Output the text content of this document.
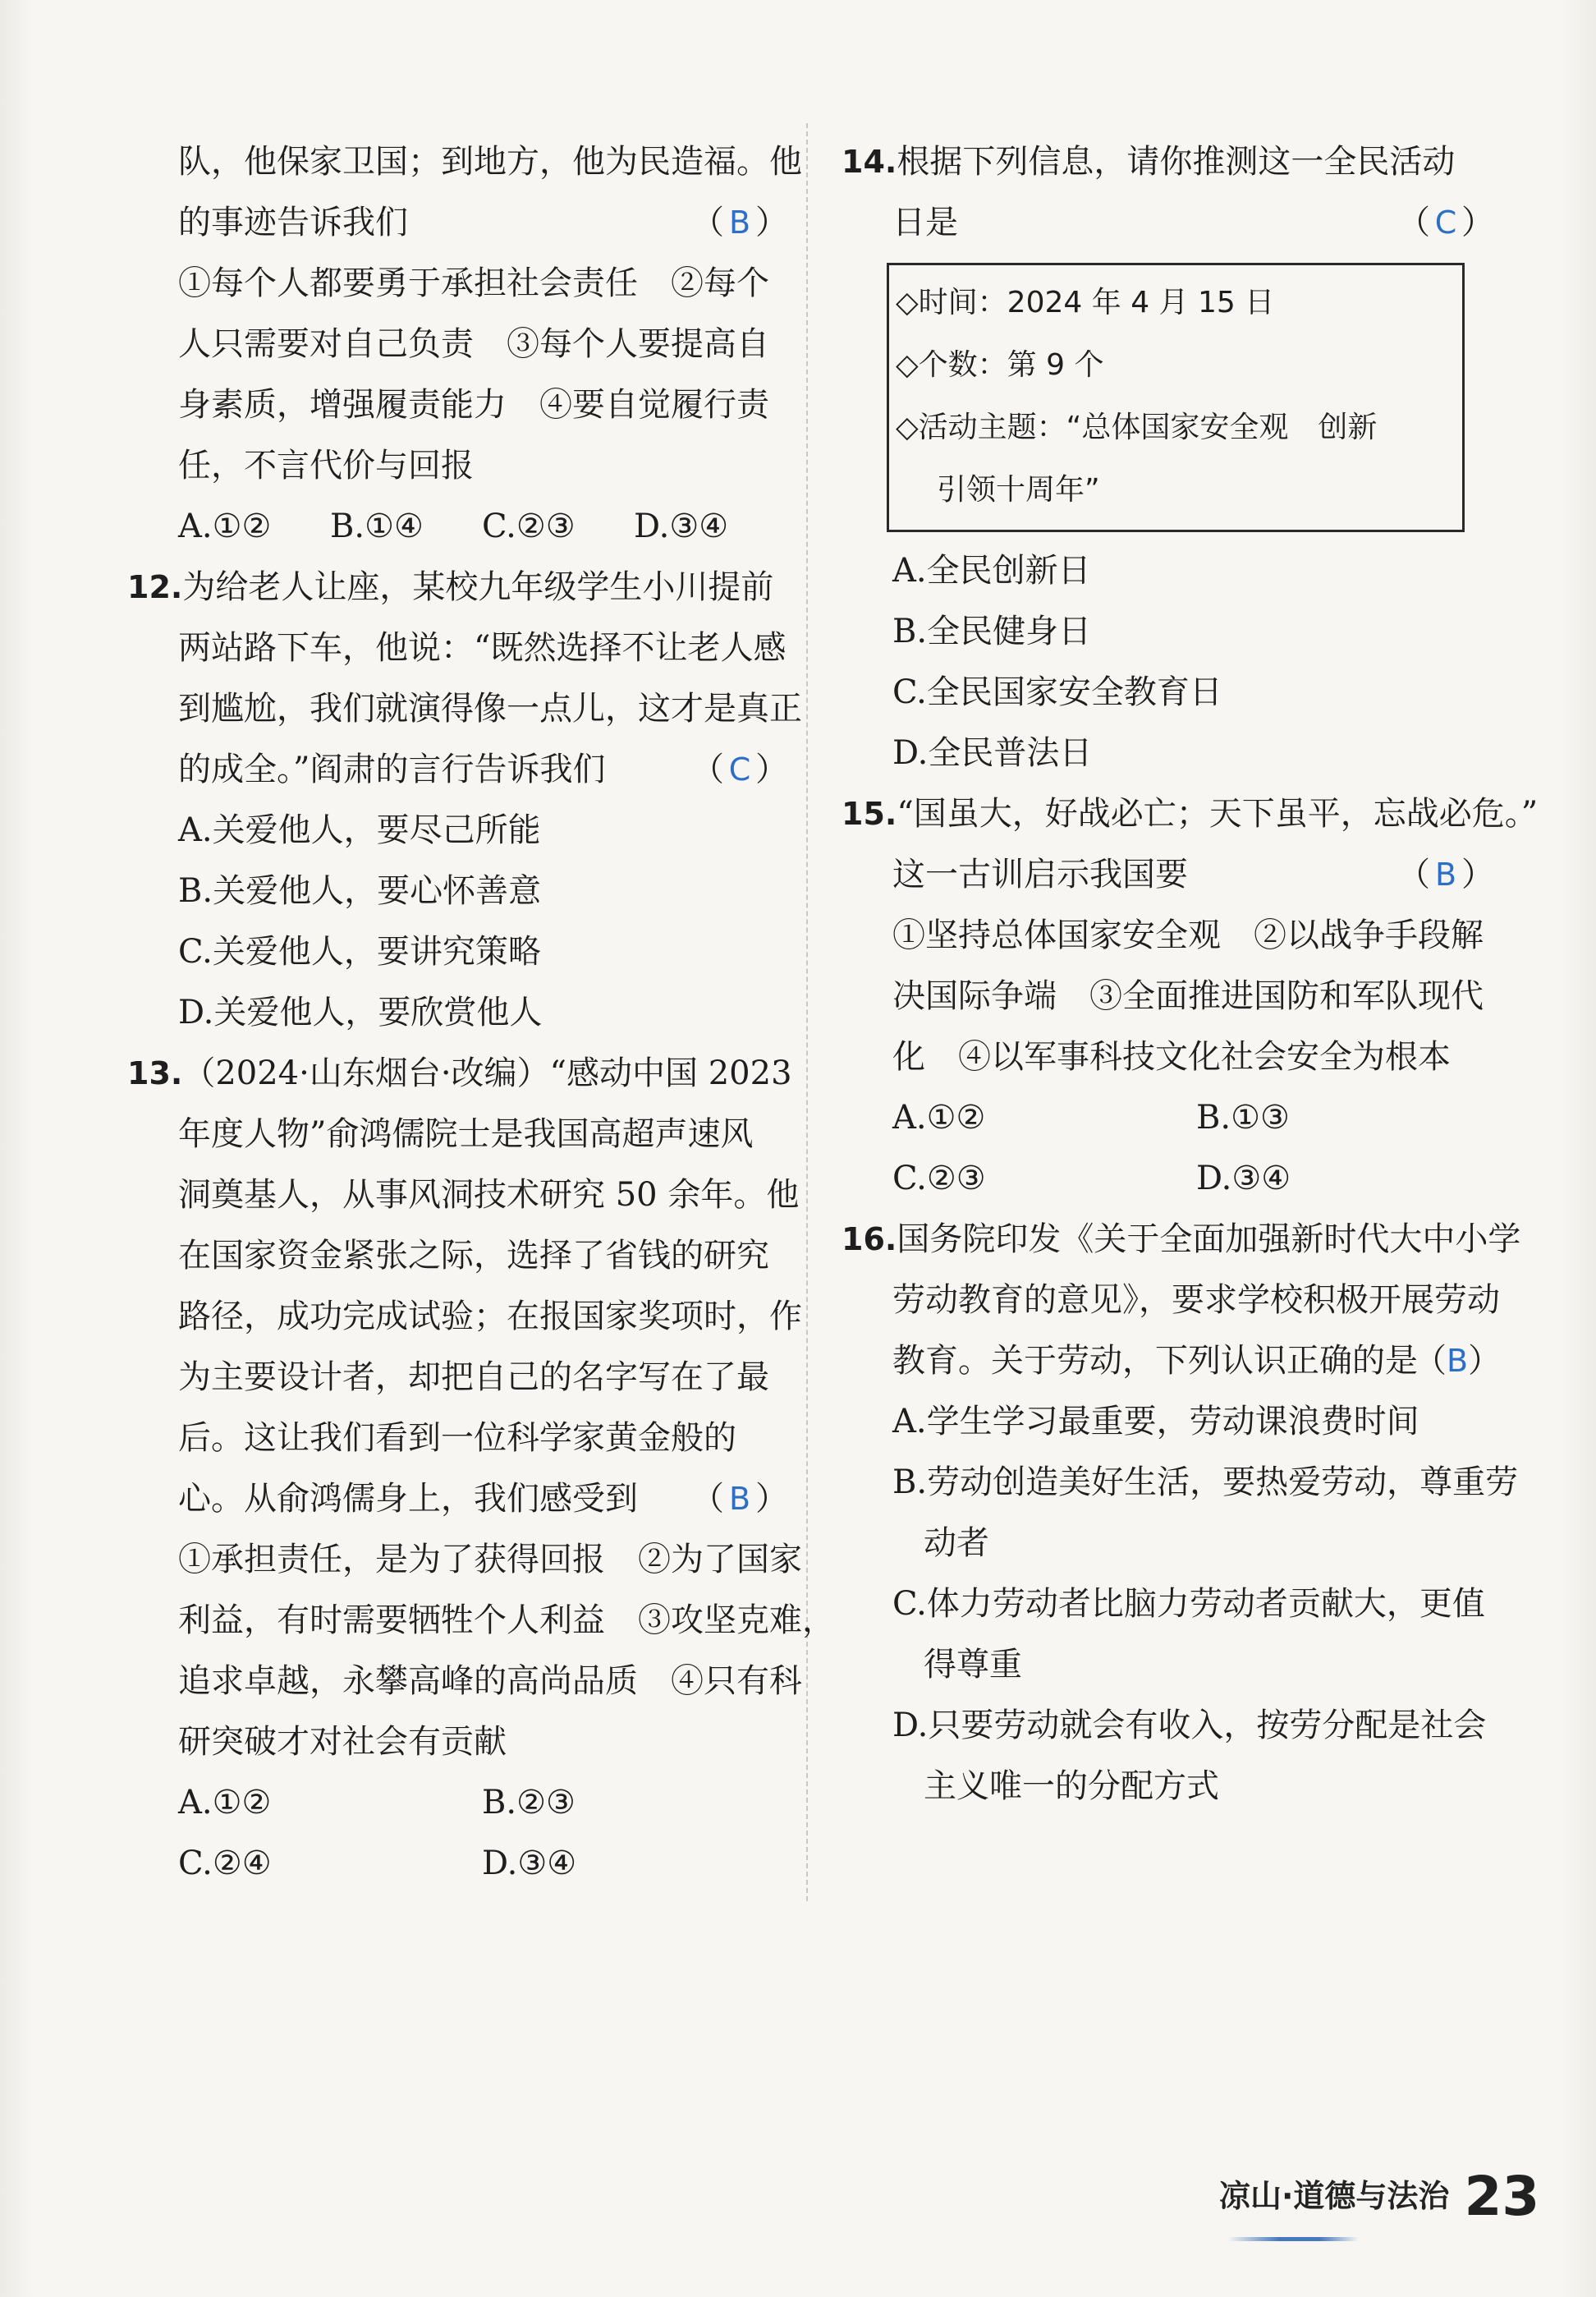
队，他保家卫国；到地方，他为民造福。他
的事迹告诉我们	（ B ）
①每个人都要勇于承担社会责任　②每个
人只需要对自己负责　③每个人要提高自
身素质，增强履责能力　④要自觉履行责
任，不言代价与回报
A.①②	B.①④	C.②③	D.③④
12.为给老人让座，某校九年级学生小川提前
两站路下车，他说：“既然选择不让老人感
到尴尬，我们就演得像一点儿，这才是真正
的成全。”阎肃的言行告诉我们	（ C ）
A.关爱他人，要尽己所能
B.关爱他人，要心怀善意
C.关爱他人，要讲究策略
D.关爱他人，要欣赏他人
13.（2024·山东烟台·改编）“感动中国 2023
年度人物”俞鸿儒院士是我国高超声速风
洞奠基人，从事风洞技术研究 50 余年。他
在国家资金紧张之际，选择了省钱的研究
路径，成功完成试验；在报国家奖项时，作
为主要设计者，却把自己的名字写在了最
后。这让我们看到一位科学家黄金般的
心。从俞鸿儒身上，我们感受到 （ B ）
①承担责任，是为了获得回报　②为了国家
利益，有时需要牺牲个人利益　③攻坚克难，
追求卓越，永攀高峰的高尚品质　④只有科
研突破才对社会有贡献
A.①②	B.②③
C.②④	D.③④
14.根据下列信息，请你推测这一全民活动
日是	（ C ）
◇时间：2024 年 4 月 15 日
◇个数：第 9 个
◇活动主题：“总体国家安全观　创新
引领十周年”
A.全民创新日
B.全民健身日
C.全民国家安全教育日
D.全民普法日
15.“国虽大，好战必亡；天下虽平，忘战必危。”
这一古训启示我国要	（ B ）
①坚持总体国家安全观　②以战争手段解
决国际争端　③全面推进国防和军队现代
化　④以军事科技文化社会安全为根本
A.①②	B.①③
C.②③	D.③④
16.国务院印发《关于全面加强新时代大中小学
劳动教育的意见》，要求学校积极开展劳动
教育。关于劳动，下列认识正确的是
（ B ）
A.学生学习最重要，劳动课浪费时间
B.劳动创造美好生活，要热爱劳动，尊重劳
动者
C.体力劳动者比脑力劳动者贡献大，更值
得尊重
D.只要劳动就会有收入，按劳分配是社会
主义唯一的分配方式
凉山·道德与法治 23
